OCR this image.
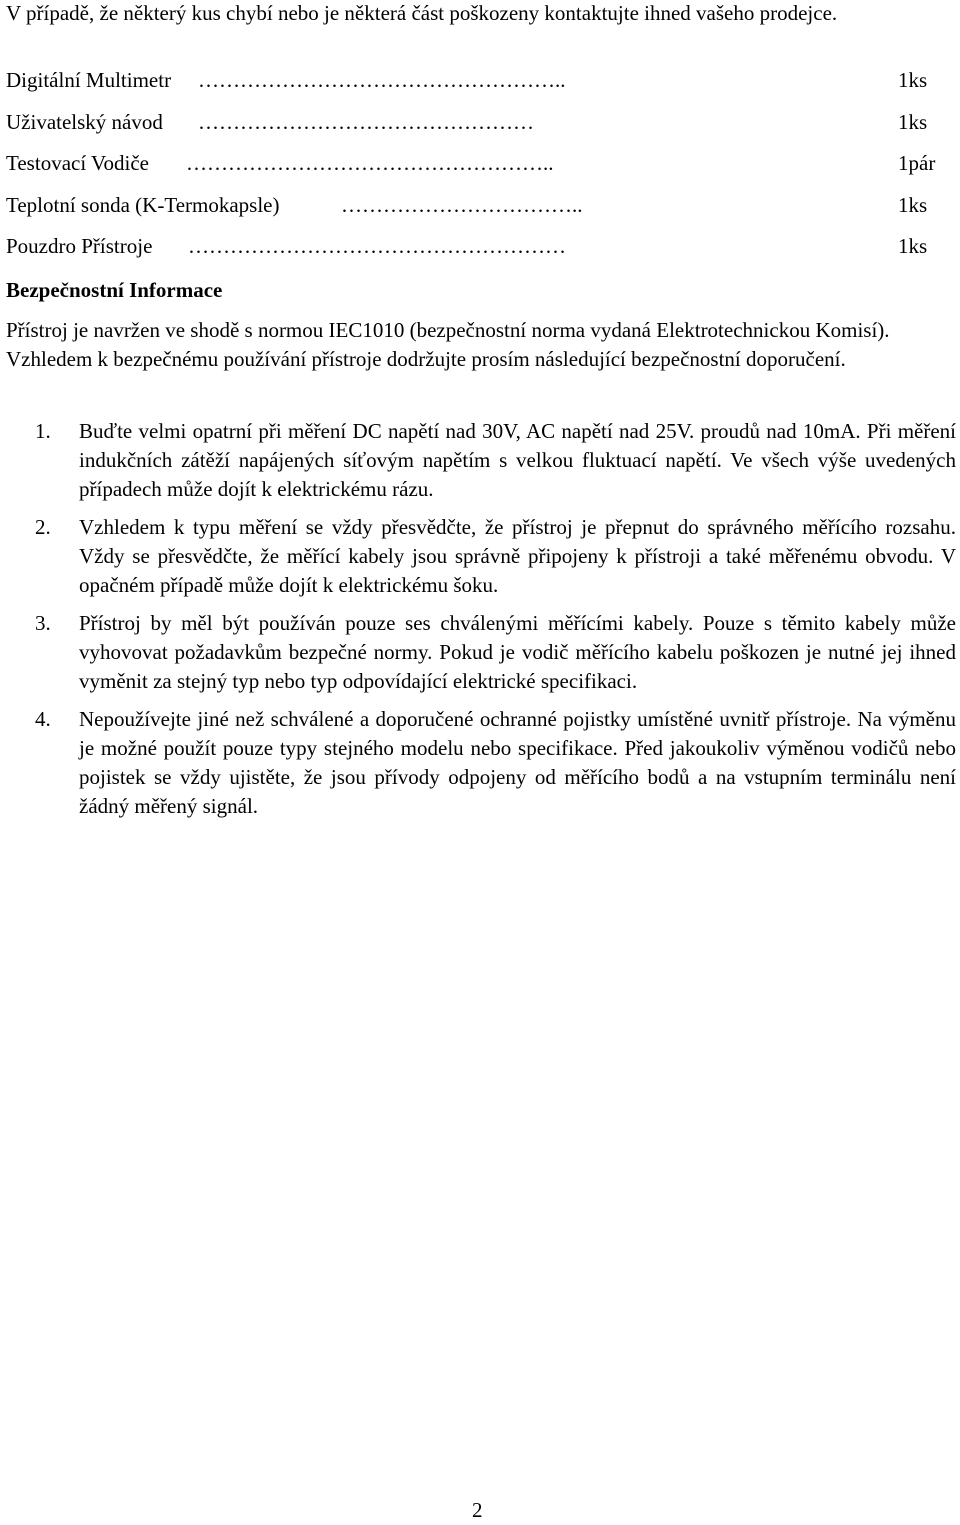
V případě, že některý kus chybí nebo je některá část poškozeny kontaktujte ihned vašeho prodejce.
Digitální Multimetr ……………………………………………..	1ks
Uživatelský návod …………………………………………	1ks
Testovací Vodiče ……………………………………………..	1pár
Teplotní sonda (K-Termokapsle)	……………………………..	1ks
Pouzdro Přístroje ………………………………………………	1ks
Bezpečnostní Informace
Přístroj je navržen ve shodě s normou IEC1010 (bezpečnostní norma vydaná Elektrotechnickou Komisí). Vzhledem k bezpečnému používání přístroje dodržujte prosím následující bezpečnostní doporučení.
1. Buďte velmi opatrní při měření DC napětí nad 30V, AC napětí nad 25V. proudů nad 10mA. Při měření indukčních zátěží napájených síťovým napětím s velkou fluktuací napětí. Ve všech výše uvedených případech může dojít k elektrickému rázu.
2. Vzhledem k typu měření se vždy přesvědčte, že přístroj je přepnut do správného měřícího rozsahu. Vždy se přesvědčte, že měřící kabely jsou správně připojeny k přístroji a také měřenému obvodu. V opačném případě může dojít k elektrickému šoku.
3. Přístroj by měl být používán pouze ses chválenými měřícími kabely. Pouze s těmito kabely může vyhovovat požadavkům bezpečné normy. Pokud je vodič měřícího kabelu poškozen je nutné jej ihned vyměnit za stejný typ nebo typ odpovídající elektrické specifikaci.
4. Nepoužívejte jiné než schválené a doporučené ochranné pojistky umístěné uvnitř přístroje. Na výměnu je možné použít pouze typy stejného modelu nebo specifikace. Před jakoukoliv výměnou vodičů nebo pojistek se vždy ujistěte, že jsou přívody odpojeny od měřícího bodů a na vstupním terminálu není žádný měřený signál.
2
